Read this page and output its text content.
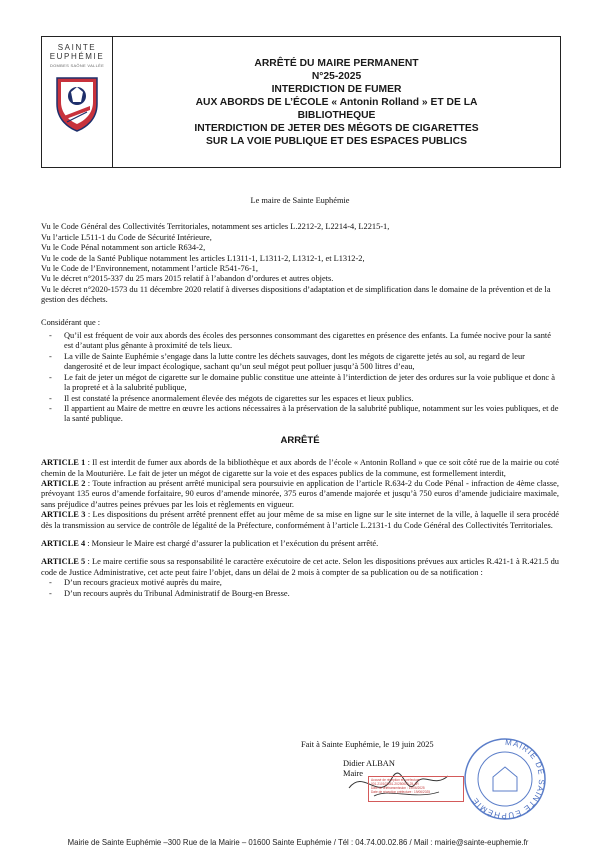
SAINTE
EUPHÉMIE
DOMBES SAÔNE VALLÉE	ARRÊTÉ DU MAIRE PERMANENT
N°25-2025
INTERDICTION DE FUMER
AUX ABORDS DE L’ÉCOLE « Antonin Rolland » ET DE LA
BIBLIOTHEQUE
INTERDICTION DE JETER DES MÉGOTS DE CIGARETTES
SUR LA VOIE PUBLIQUE ET DES ESPACES PUBLICS

Le maire de Sainte Euphémie

Vu le Code Général des Collectivités Territoriales, notamment ses articles L.2212-2, L2214-4, L2215-1,

Vu l’article L511-1 du Code de Sécurité Intérieure,

Vu le Code Pénal notamment son article R634-2,

Vu le code de la Santé Publique notamment les articles L1311-1, L1311-2, L1312-1, et L1312-2,

Vu le Code de l’Environnement, notamment l’article R541-76-1,

Vu le décret n°2015-337 du 25 mars 2015 relatif à l’abandon d’ordures et autres objets.

Vu le décret n°2020-1573 du 11 décembre 2020 relatif à diverses dispositions d’adaptation et de simplification dans le domaine de la prévention et de la gestion des déchets.

Considérant que :

- Qu’il est fréquent de voir aux abords des écoles des personnes consommant des cigarettes en présence des enfants. La fumée nocive pour la santé est d’autant plus gênante à proximité de tels lieux.
- La ville de Sainte Euphémie s’engage dans la lutte contre les déchets sauvages, dont les mégots de cigarette jetés au sol, au regard de leur dangerosité et de leur impact écologique, sachant qu’un seul mégot peut polluer jusqu’à 500 litres d’eau,
- Le fait de jeter un mégot de cigarette sur le domaine public constitue une atteinte à l’interdiction de jeter des ordures sur la voie publique et donc à la propreté et à la salubrité publique,
- Il est constaté la présence anormalement élevée des mégots de cigarettes sur les espaces et lieux publics.
- Il appartient au Maire de mettre en œuvre les actions nécessaires à la préservation de la salubrité publique, notamment sur les voies publiques, et de la santé publique.
ARRÊTÉ

ARTICLE 1 : Il est interdit de fumer aux abords de la bibliothèque et aux abords de l’école « Antonin Rolland » que ce soit côté rue de la mairie ou coté chemin de la Mouturière. Le fait de jeter un mégot de cigarette sur la voie et des espaces publics de la commune, est formellement interdit,

ARTICLE 2 : Toute infraction au présent arrêté municipal sera poursuivie en application de l’article R.634-2 du Code Pénal - infraction de 4ème classe, prévoyant 135 euros d’amende forfaitaire, 90 euros d’amende minorée, 375 euros d’amende majorée et jusqu’à 750 euros d’amende judiciaire maximale, sans préjudice d’autres peines prévues par les lois et règlements en vigueur.

ARTICLE 3 : Les dispositions du présent arrêté prennent effet au jour même de sa mise en ligne sur le site internet de la ville, à laquelle il sera procédé dès la transmission au service de contrôle de légalité de la Préfecture, conformément à l’article L.2131-1 du Code Général des Collectivités Territoriales.

ARTICLE 4 : Monsieur le Maire est chargé d’assurer la publication et l’exécution du présent arrêté.

ARTICLE 5 : Le maire certifie sous sa responsabilité le caractère exécutoire de cet acte. Selon les dispositions prévues aux articles R.421-1 à R.421.5 du code de Justice Administrative, cet acte peut faire l’objet, dans un délai de 2 mois à compter de sa publication ou de sa notification :

- D’un recours gracieux motivé auprès du maire,
- D’un recours auprès du Tribunal Administratif de Bourg-en Bresse.
Fait à Sainte Euphémie, le 19 juin 2025
Didier ALBAN
Maire
MAIRIE DE SAINTE EUPHÉMIE
Accusé de réception en préfecture
001-210103651-20250619-25-AR
Date de télétransmission : 19/06/2025
Date de réception préfecture : 19/06/2025
Mairie de Sainte Euphémie –300 Rue de la Mairie – 01600 Sainte Euphémie / Tél : 04.74.00.02.86 / Mail : mairie@sainte-euphemie.fr
